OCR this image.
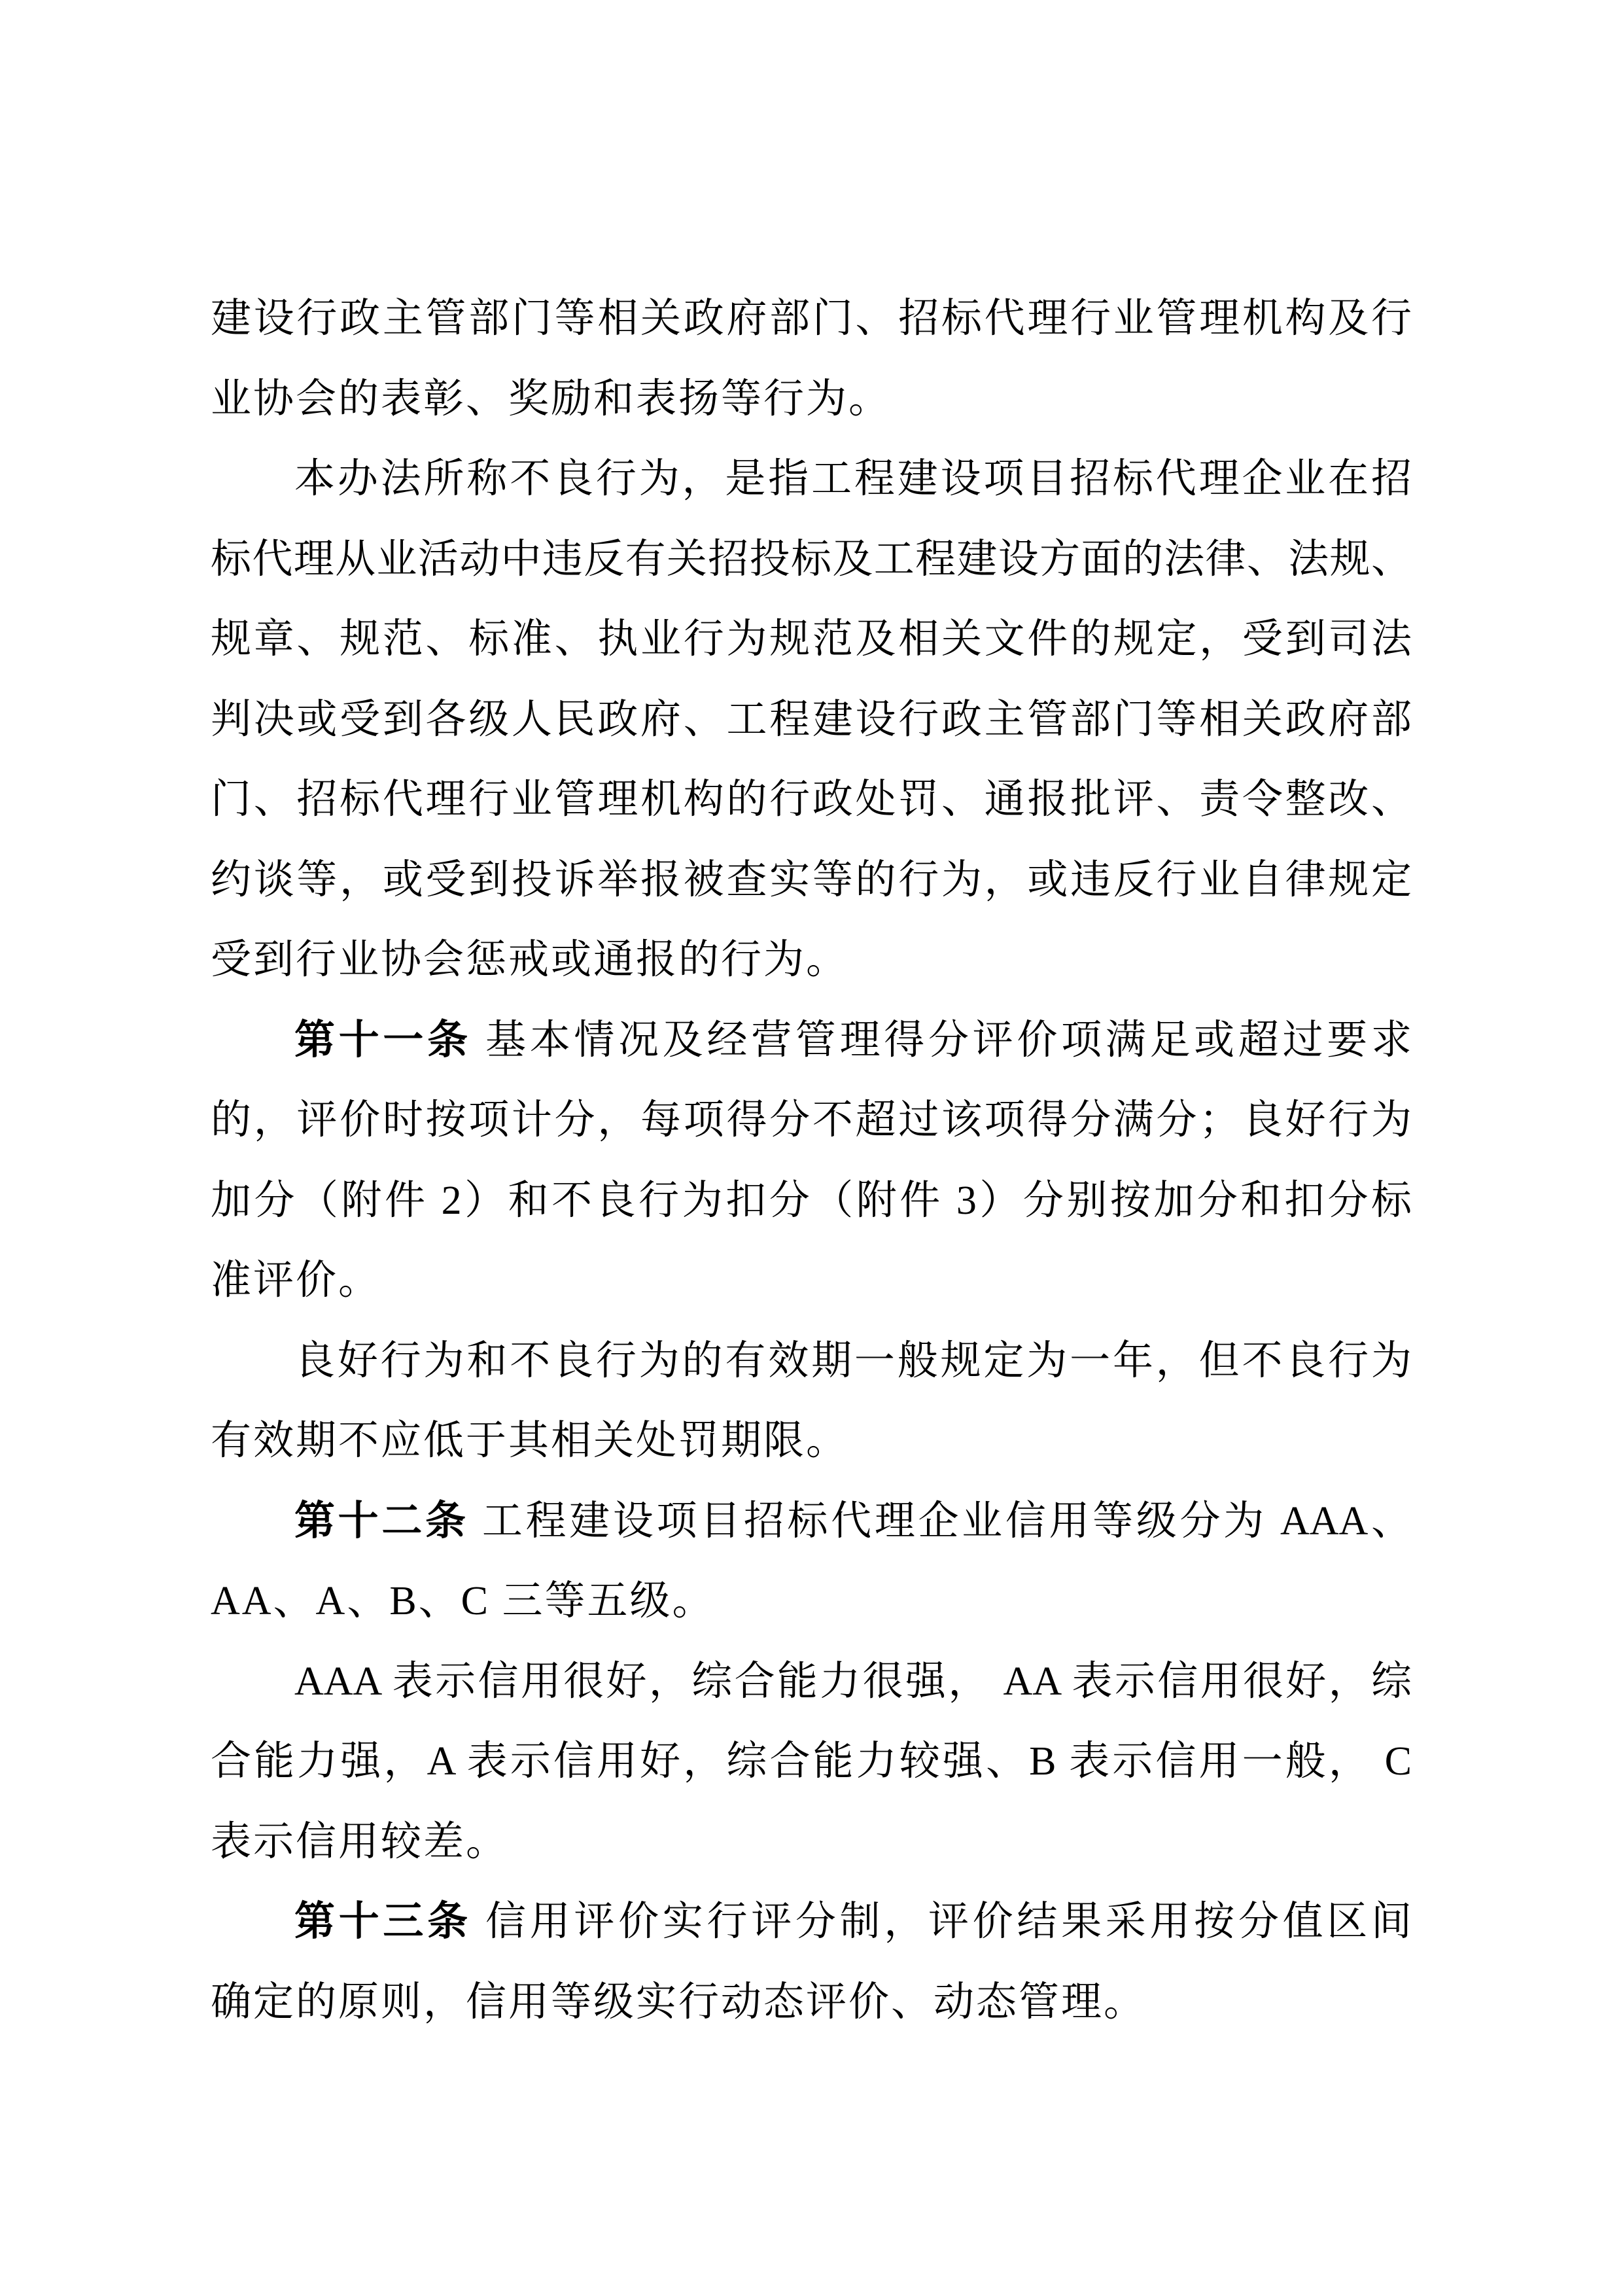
建设行政主管部门等相关政府部门、招标代理行业管理机构及行

业协会的表彰、奖励和表扬等行为。

本办法所称不良行为，是指工程建设项目招标代理企业在招

标代理从业活动中违反有关招投标及工程建设方面的法律、法规、

规章、规范、标准、执业行为规范及相关文件的规定，受到司法

判决或受到各级人民政府、工程建设行政主管部门等相关政府部

门、招标代理行业管理机构的行政处罚、通报批评、责令整改、

约谈等，或受到投诉举报被查实等的行为，或违反行业自律规定

受到行业协会惩戒或通报的行为。

第十一条 基本情况及经营管理得分评价项满足或超过要求

的，评价时按项计分，每项得分不超过该项得分满分；良好行为

加分（附件 2）和不良行为扣分（附件 3）分别按加分和扣分标

准评价。

良好行为和不良行为的有效期一般规定为一年，但不良行为

有效期不应低于其相关处罚期限。

第十二条 工程建设项目招标代理企业信用等级分为 AAA、

AA、A、B、C 三等五级。

AAA 表示信用很好，综合能力很强， AA 表示信用很好，综

合能力强，A 表示信用好，综合能力较强、B 表示信用一般， C

表示信用较差。

第十三条 信用评价实行评分制，评价结果采用按分值区间

确定的原则，信用等级实行动态评价、动态管理。
